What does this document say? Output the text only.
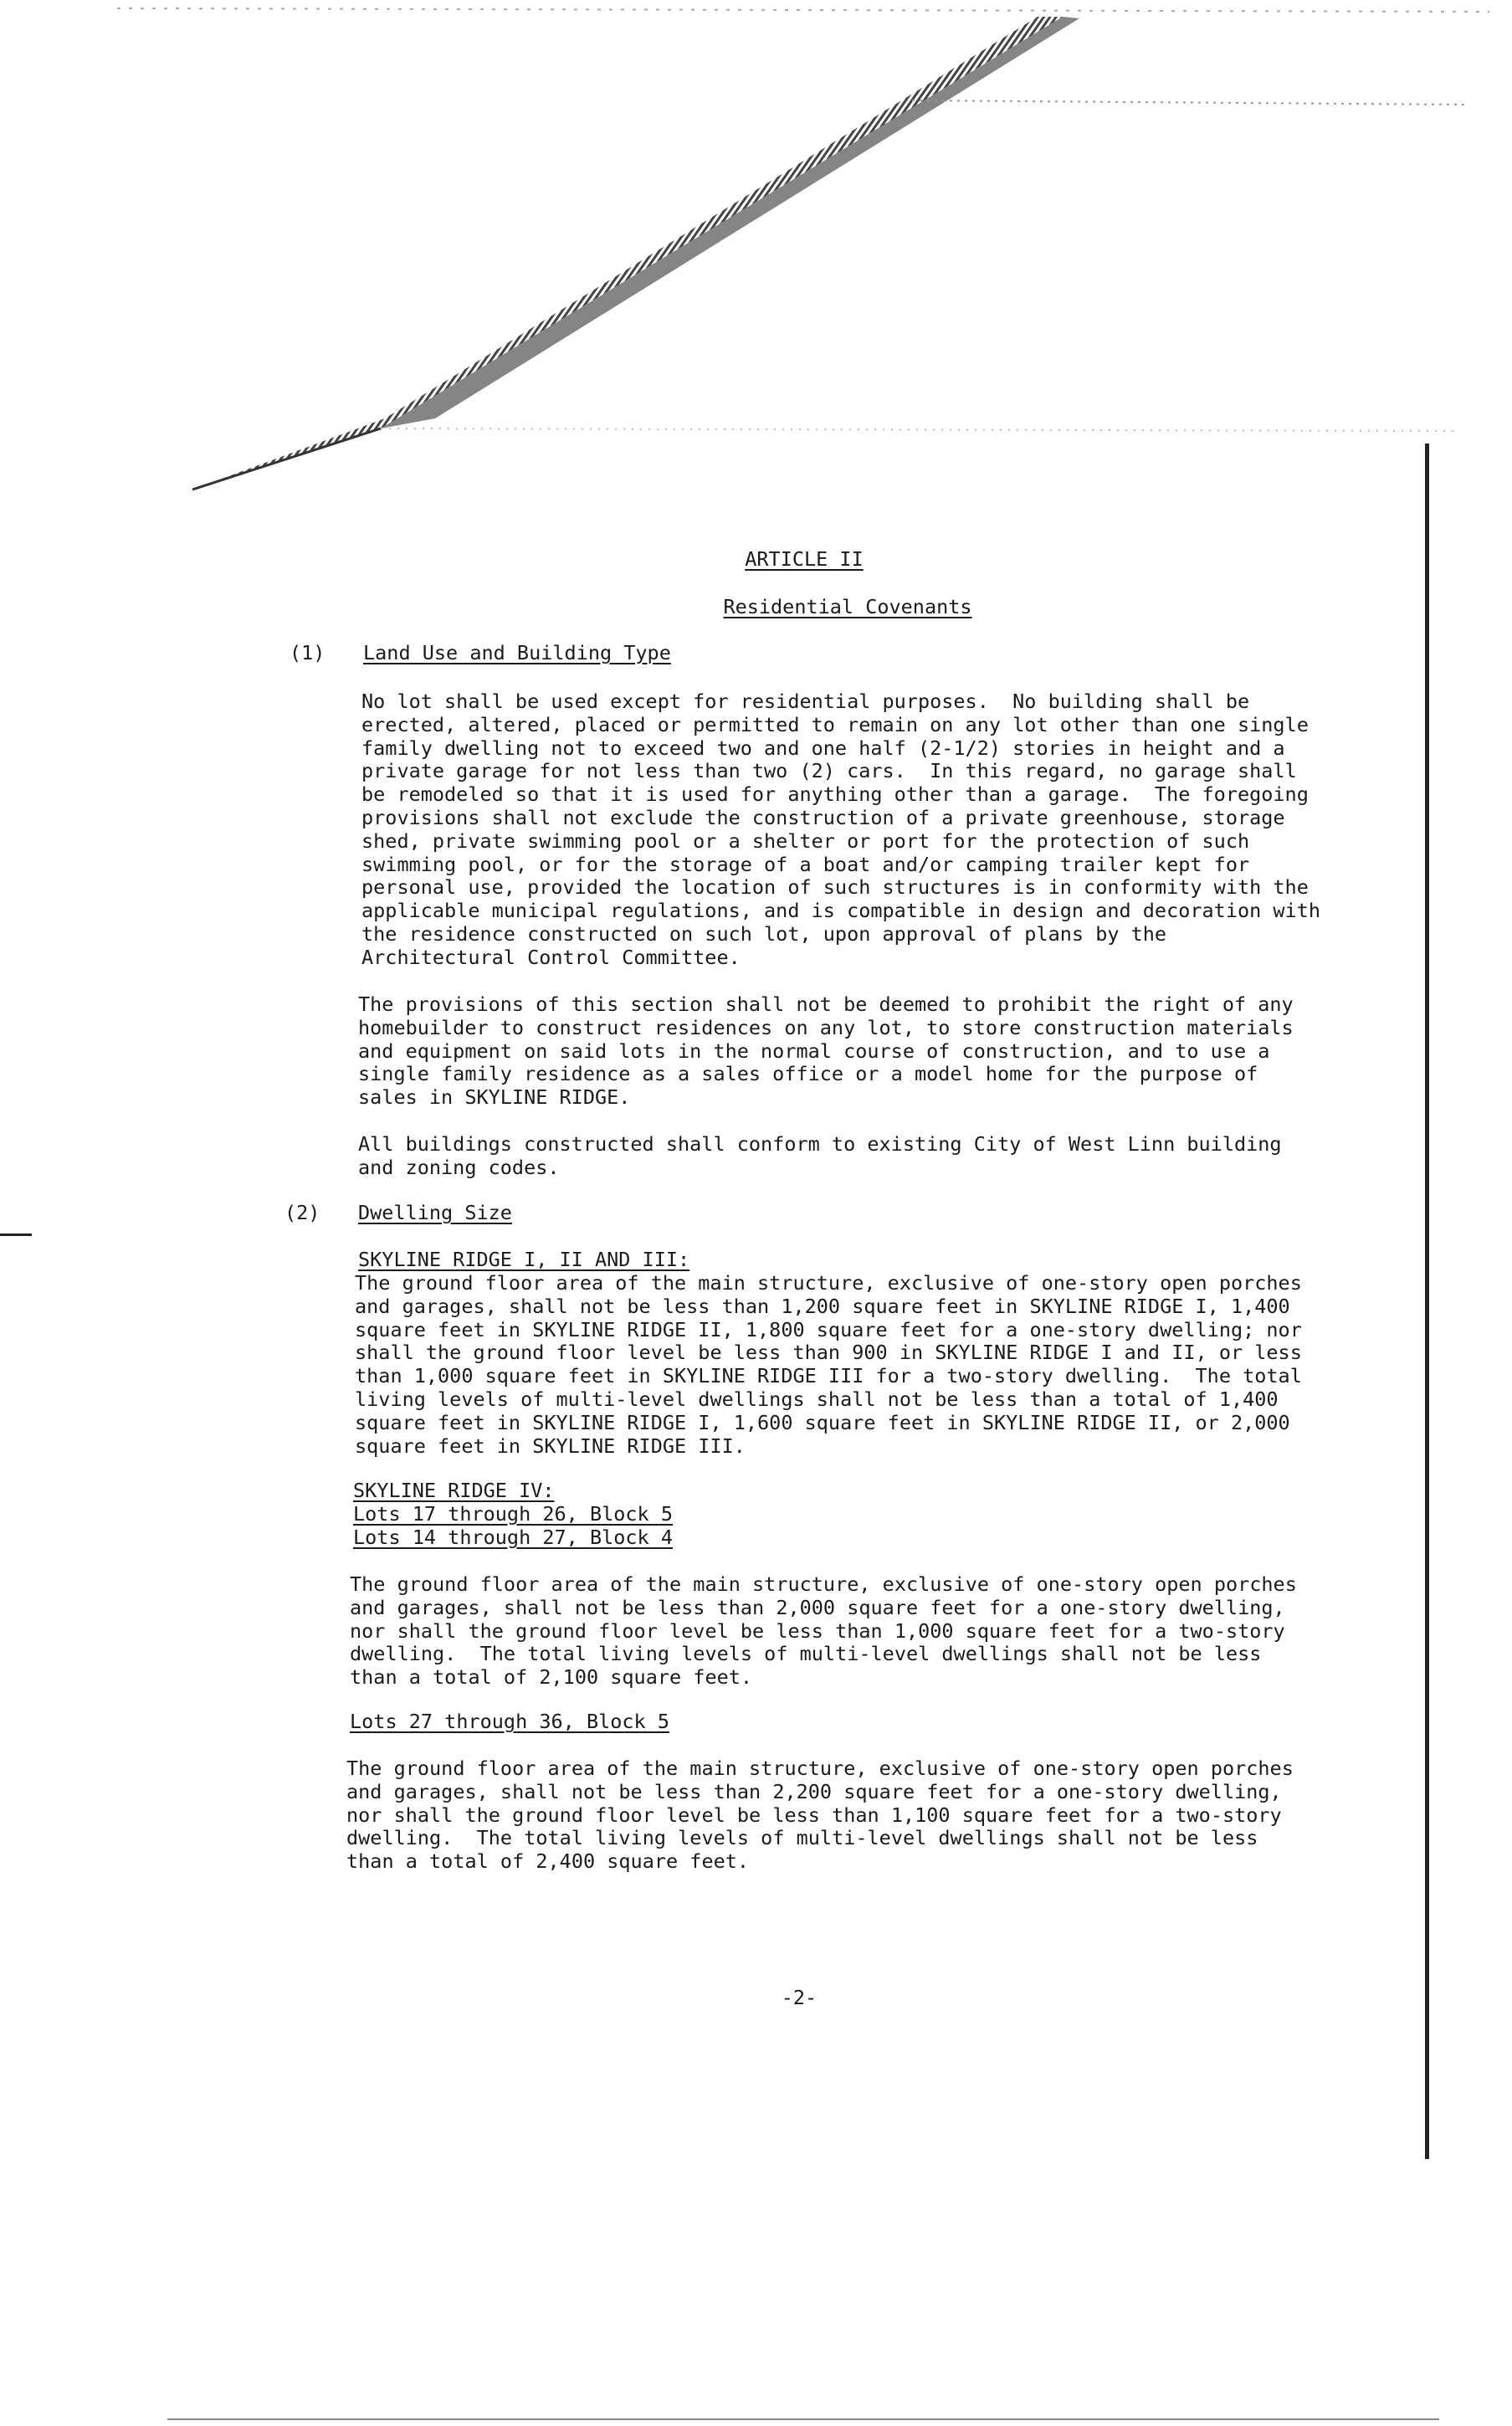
ARTICLE II
Residential Covenants
(1) Land Use and Building Type
No lot shall be used except for residential purposes.  No building shall be
erected, altered, placed or permitted to remain on any lot other than one single
family dwelling not to exceed two and one half (2-1/2) stories in height and a
private garage for not less than two (2) cars.  In this regard, no garage shall
be remodeled so that it is used for anything other than a garage.  The foregoing
provisions shall not exclude the construction of a private greenhouse, storage
shed, private swimming pool or a shelter or port for the protection of such
swimming pool, or for the storage of a boat and/or camping trailer kept for
personal use, provided the location of such structures is in conformity with the
applicable municipal regulations, and is compatible in design and decoration with
the residence constructed on such lot, upon approval of plans by the
Architectural Control Committee.
The provisions of this section shall not be deemed to prohibit the right of any
homebuilder to construct residences on any lot, to store construction materials
and equipment on said lots in the normal course of construction, and to use a
single family residence as a sales office or a model home for the purpose of
sales in SKYLINE RIDGE.
All buildings constructed shall conform to existing City of West Linn building
and zoning codes.
(2) Dwelling Size
SKYLINE RIDGE I, II AND III:
The ground floor area of the main structure, exclusive of one-story open porches
and garages, shall not be less than 1,200 square feet in SKYLINE RIDGE I, 1,400
square feet in SKYLINE RIDGE II, 1,800 square feet for a one-story dwelling; nor
shall the ground floor level be less than 900 in SKYLINE RIDGE I and II, or less
than 1,000 square feet in SKYLINE RIDGE III for a two-story dwelling.  The total
living levels of multi-level dwellings shall not be less than a total of 1,400
square feet in SKYLINE RIDGE I, 1,600 square feet in SKYLINE RIDGE II, or 2,000
square feet in SKYLINE RIDGE III.
SKYLINE RIDGE IV:
Lots 17 through 26, Block 5
Lots 14 through 27, Block 4
The ground floor area of the main structure, exclusive of one-story open porches
and garages, shall not be less than 2,000 square feet for a one-story dwelling,
nor shall the ground floor level be less than 1,000 square feet for a two-story
dwelling.  The total living levels of multi-level dwellings shall not be less
than a total of 2,100 square feet.
Lots 27 through 36, Block 5
The ground floor area of the main structure, exclusive of one-story open porches
and garages, shall not be less than 2,200 square feet for a one-story dwelling,
nor shall the ground floor level be less than 1,100 square feet for a two-story
dwelling.  The total living levels of multi-level dwellings shall not be less
than a total of 2,400 square feet.
-2-
